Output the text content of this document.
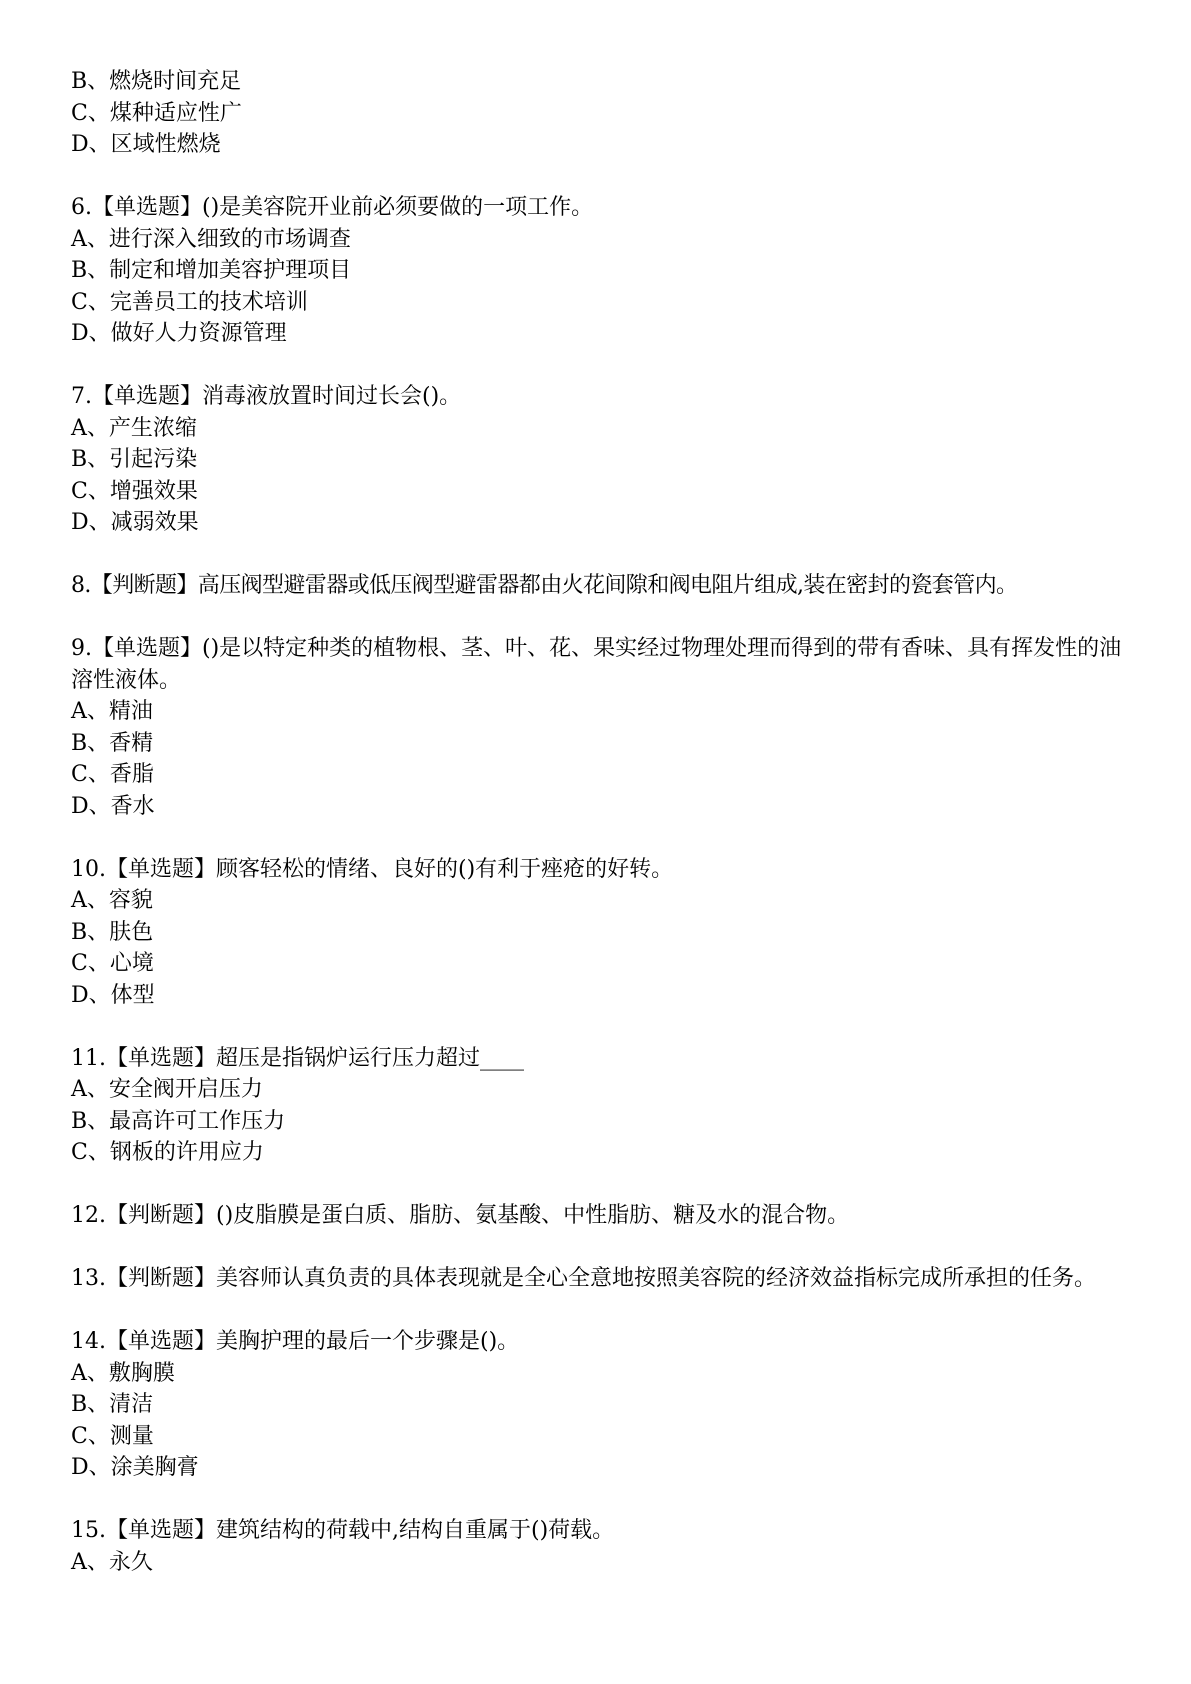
B、燃烧时间充足
C、煤种适应性广
D、区域性燃烧
6.【单选题】()是美容院开业前必须要做的一项工作。
A、进行深入细致的市场调查
B、制定和增加美容护理项目
C、完善员工的技术培训
D、做好人力资源管理
7.【单选题】消毒液放置时间过长会()。
A、产生浓缩
B、引起污染
C、增强效果
D、减弱效果
8.【判断题】高压阀型避雷器或低压阀型避雷器都由火花间隙和阀电阻片组成,装在密封的瓷套管内。
9.【单选题】()是以特定种类的植物根、茎、叶、花、果实经过物理处理而得到的带有香味、具有挥发性的油溶性液体。
A、精油
B、香精
C、香脂
D、香水
10.【单选题】顾客轻松的情绪、良好的()有利于痤疮的好转。
A、容貌
B、肤色
C、心境
D、体型
11.【单选题】超压是指锅炉运行压力超过____
A、安全阀开启压力
B、最高许可工作压力
C、钢板的许用应力
12.【判断题】()皮脂膜是蛋白质、脂肪、氨基酸、中性脂肪、糖及水的混合物。
13.【判断题】美容师认真负责的具体表现就是全心全意地按照美容院的经济效益指标完成所承担的任务。
14.【单选题】美胸护理的最后一个步骤是()。
A、敷胸膜
B、清洁
C、测量
D、涂美胸膏
15.【单选题】建筑结构的荷载中,结构自重属于()荷载。
A、永久
